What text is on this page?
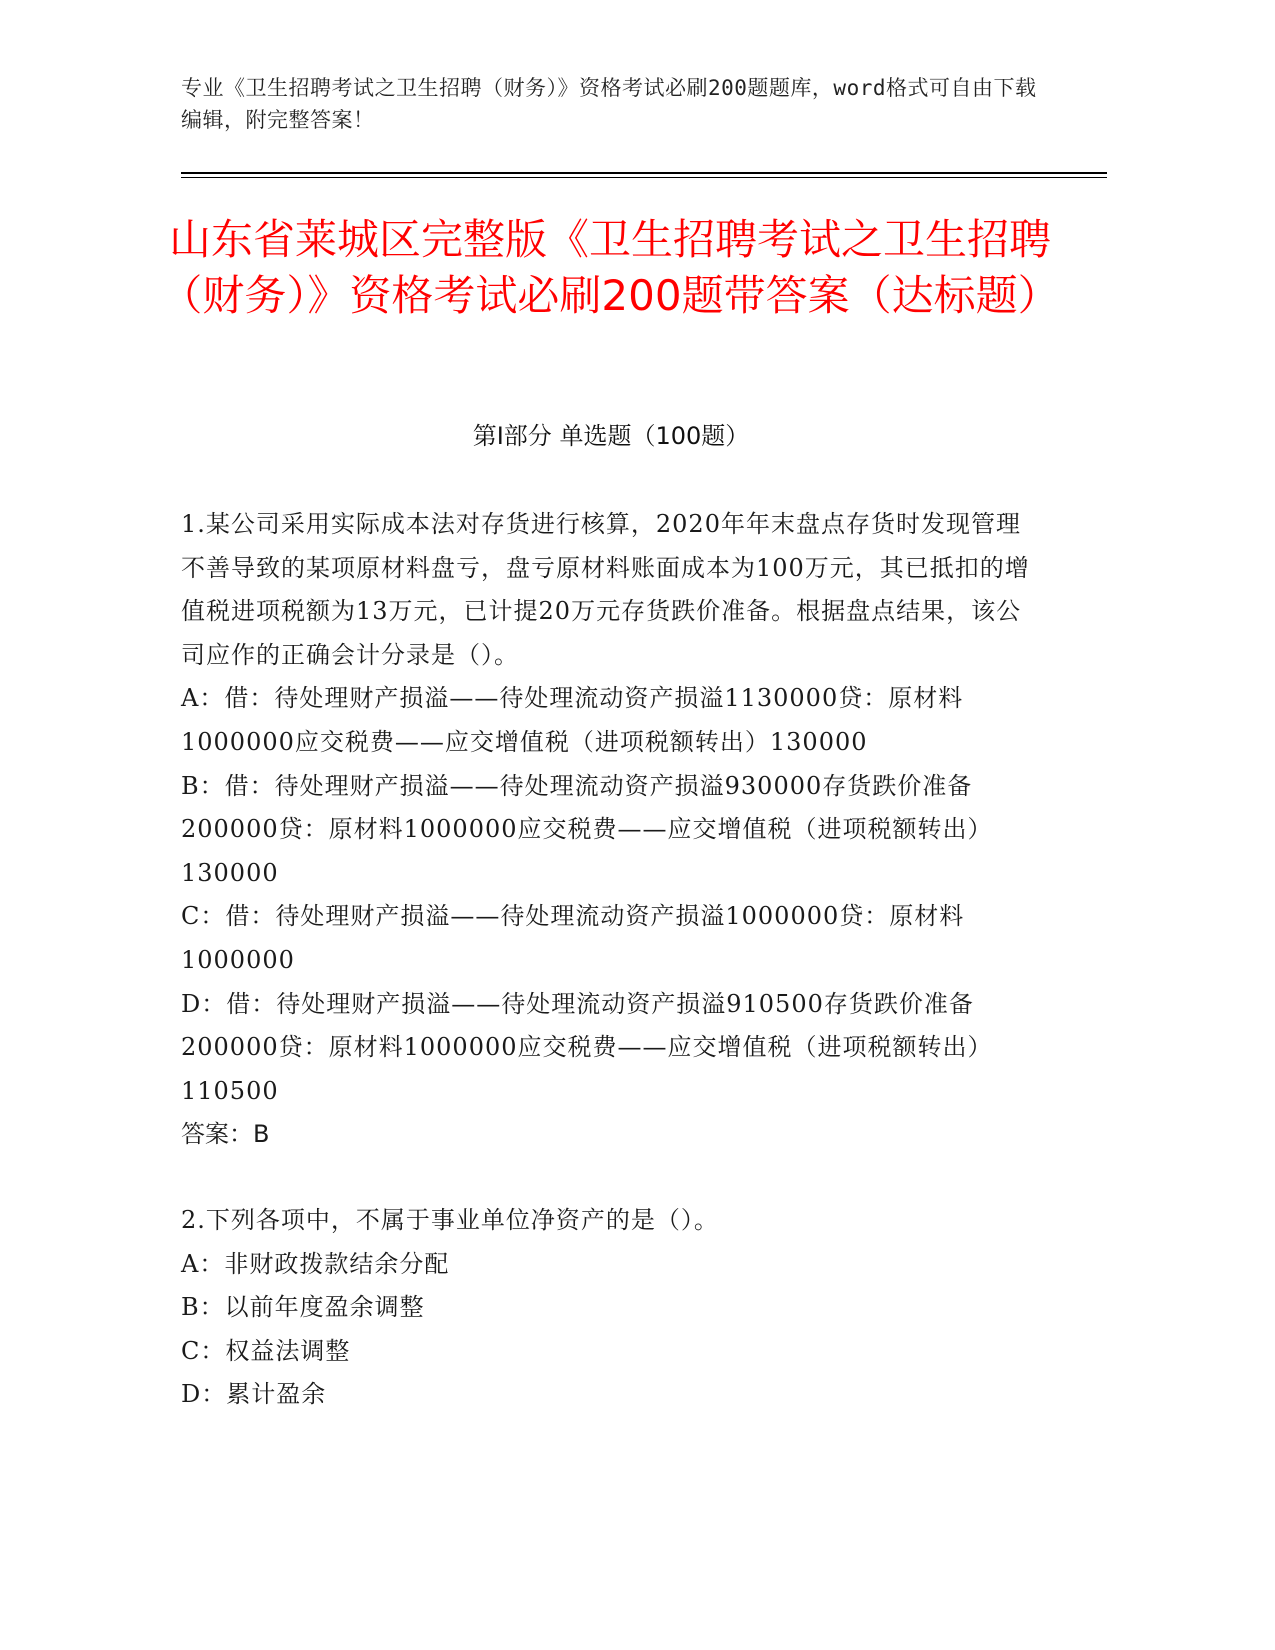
专业《卫生招聘考试之卫生招聘（财务）》资格考试必刷200题题库，word格式可自由下载编辑，附完整答案！
山东省莱城区完整版《卫生招聘考试之卫生招聘（财务）》资格考试必刷200题带答案（达标题）
第Ⅰ部分 单选题（100题）

1.某公司采用实际成本法对存货进行核算，2020年年末盘点存货时发现管理不善导致的某项原材料盘亏，盘亏原材料账面成本为100万元，其已抵扣的增值税进项税额为13万元，已计提20万元存货跌价准备。根据盘点结果，该公司应作的正确会计分录是（）。

A：借：待处理财产损溢——待处理流动资产损溢1130000贷：原材料1000000应交税费——应交增值税（进项税额转出）130000

B：借：待处理财产损溢——待处理流动资产损溢930000存货跌价准备200000贷：原材料1000000应交税费——应交增值税（进项税额转出）130000

C：借：待处理财产损溢——待处理流动资产损溢1000000贷：原材料1000000

D：借：待处理财产损溢——待处理流动资产损溢910500存货跌价准备200000贷：原材料1000000应交税费——应交增值税（进项税额转出）110500

答案：B

2.下列各项中，不属于事业单位净资产的是（）。

A：非财政拨款结余分配

B：以前年度盈余调整

C：权益法调整

D：累计盈余
